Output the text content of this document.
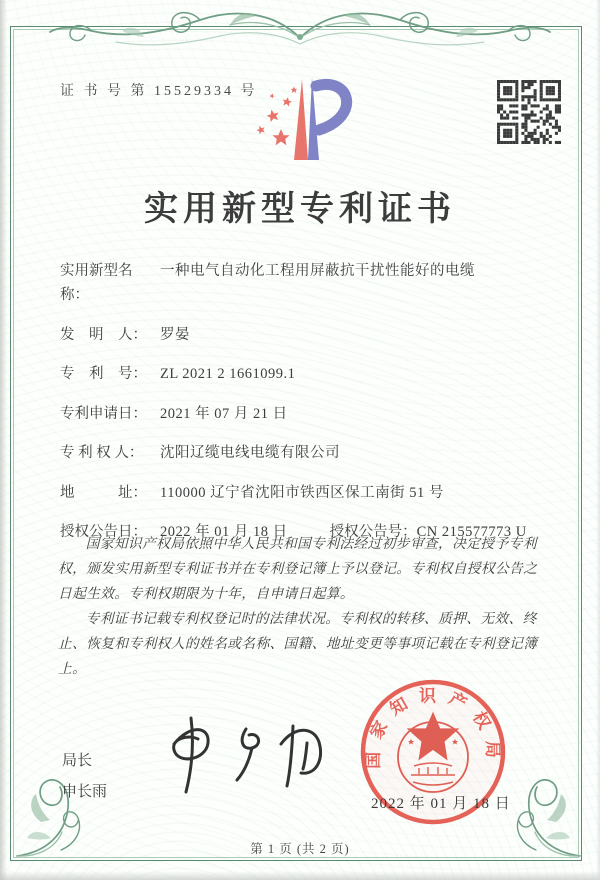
证 书 号 第 15529334 号
实用新型专利证书
实用新型名称：
一种电气自动化工程用屏蔽抗干扰性能好的电缆
发　明　人： 罗晏
专　利　号： ZL 2021 2 1661099.1
专利申请日： 2021 年 07 月 21 日
专 利 权 人：	沈阳辽缆电线电缆有限公司
地　　　址： 110000 辽宁省沈阳市铁西区保工南街 51 号
授权公告日： 2022 年 01 月 18 日	授权公告号： CN 215577773 U

国家知识产权局依照中华人民共和国专利法经过初步审查，决定授予专利权，颁发实用新型专利证书并在专利登记簿上予以登记。专利权自授权公告之日起生效。专利权期限为十年，自申请日起算。

专利证书记载专利权登记时的法律状况。专利权的转移、质押、无效、终止、恢复和专利权人的姓名或名称、国籍、地址变更等事项记载在专利登记簿上。

局长
申长雨
国家知识产权局
2022 年 01 月 18 日
第 1 页 (共 2 页)
